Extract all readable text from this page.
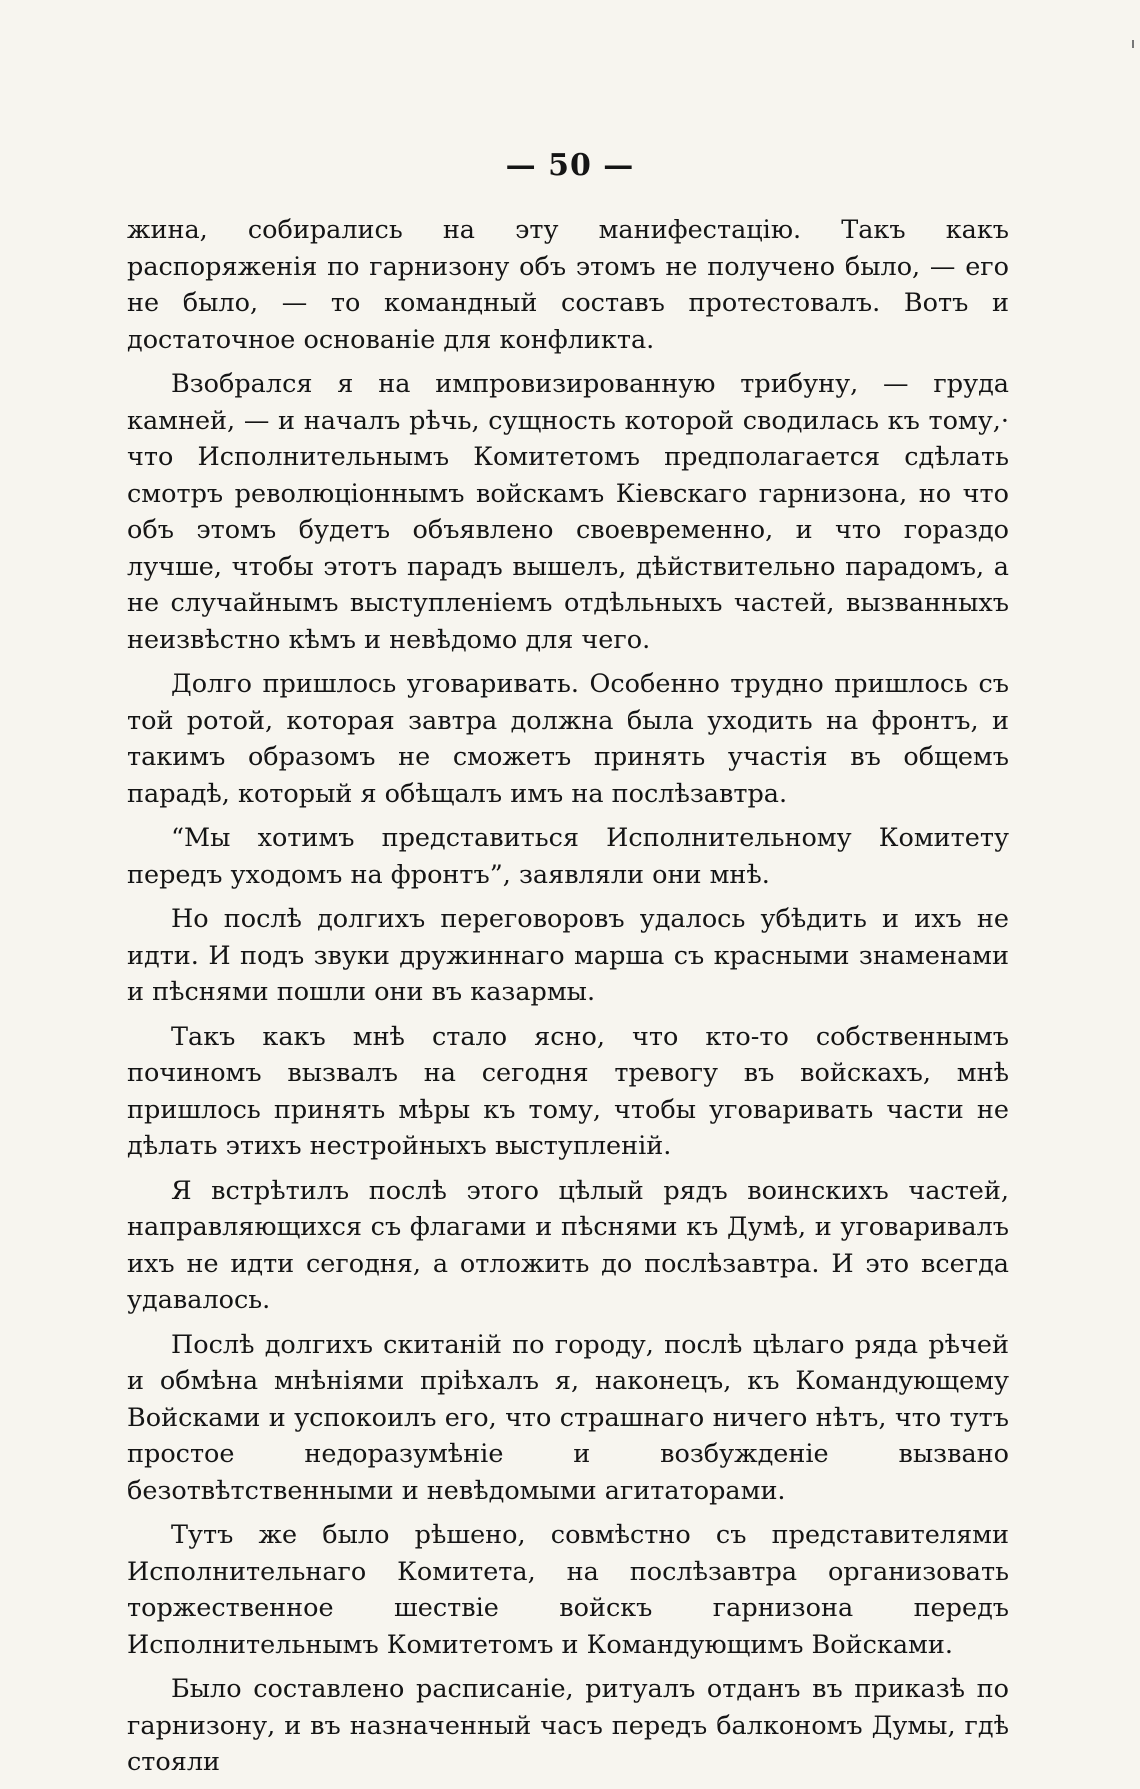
— 50 —

жина, собирались на эту манифестацію. Такъ какъ распоряженія по гарнизону объ этомъ не получено было, — его не было, — то командный составъ протестовалъ. Вотъ и достаточное основаніе для конфликта.

Взобрался я на импровизированную трибуну, — груда камней, — и началъ рѣчь, сущность которой сводилась къ тому,· что Исполнительнымъ Комитетомъ предполагается сдѣлать смотръ революціоннымъ войскамъ Кіевскаго гарнизона, но что объ этомъ будетъ объявлено своевременно, и что гораздо лучше, чтобы этотъ парадъ вышелъ, дѣйствительно парадомъ, а не случайнымъ выступленіемъ отдѣльныхъ частей, вызванныхъ неизвѣстно кѣмъ и невѣдомо для чего.

Долго пришлось уговаривать. Особенно трудно пришлось съ той ротой, которая завтра должна была уходить на фронтъ, и такимъ образомъ не сможетъ принять участія въ общемъ парадѣ, который я обѣщалъ имъ на послѣзавтра.

“Мы хотимъ представиться Исполнительному Комитету передъ уходомъ на фронтъ”, заявляли они мнѣ.

Но послѣ долгихъ переговоровъ удалось убѣдить и ихъ не идти. И подъ звуки дружиннаго марша съ красными знаменами и пѣснями пошли они въ казармы.

Такъ какъ мнѣ стало ясно, что кто-то собственнымъ починомъ вызвалъ на сегодня тревогу въ войскахъ, мнѣ пришлось принять мѣры къ тому, чтобы уговаривать части не дѣлать этихъ нестройныхъ выступленій.

Я встрѣтилъ послѣ этого цѣлый рядъ воинскихъ частей, направляющихся съ флагами и пѣснями къ Думѣ, и уговаривалъ ихъ не идти сегодня, а отложить до послѣзавтра. И это всегда удавалось.

Послѣ долгихъ скитаній по городу, послѣ цѣлаго ряда рѣчей и обмѣна мнѣніями пріѣхалъ я, наконецъ, къ Командующему Войсками и успокоилъ его, что страшнаго ничего нѣтъ, что тутъ простое недоразумѣніе и возбужденіе вызвано безотвѣтственными и невѣдомыми агитаторами.

Тутъ же было рѣшено, совмѣстно съ представителями Исполнительнаго Комитета, на послѣзавтра организовать торжественное шествіе войскъ гарнизона передъ Исполнительнымъ Комитетомъ и Командующимъ Войсками.

Было составлено расписаніе, ритуалъ отданъ въ приказѣ по гарнизону, и въ назначенный часъ передъ балкономъ Думы, гдѣ стояли
